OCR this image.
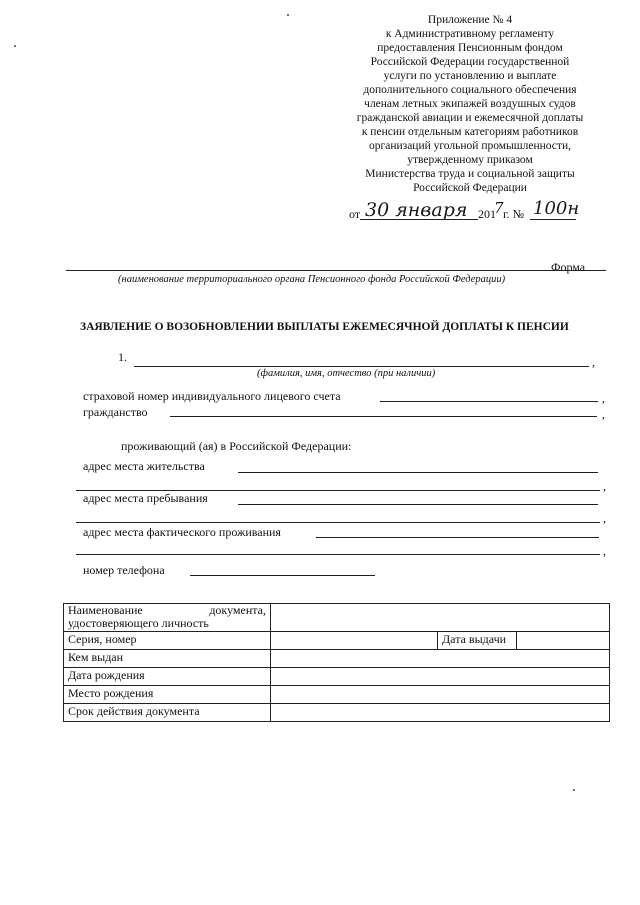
Приложение № 4
к Административному регламенту
предоставления Пенсионным фондом
Российской Федерации государственной
услуги по установлению и выплате
дополнительного социального обеспечения
членам летных экипажей воздушных судов
гражданской авиации и ежемесячной доплаты
к пенсии отдельным категориям работников
организаций угольной промышленности,
утвержденному приказом
Министерства труда и социальной защиты
Российской Федерации
от 30 января 201
7 г. № 100н
Форма
(наименование территориального органа Пенсионного фонда Российской Федерации)
ЗАЯВЛЕНИЕ О ВОЗОБНОВЛЕНИИ ВЫПЛАТЫ ЕЖЕМЕСЯЧНОЙ ДОПЛАТЫ К ПЕНСИИ
1.	,
(фамилия, имя, отчество (при наличии)
страховой номер индивидуального лицевого счета	,
гражданство	,
проживающий (ая) в Российской Федерации:
адрес места жительства
,
адрес места пребывания
,
адрес места фактического проживания
,
номер телефона
Наименование документа, удостоверяющего личность			

Серия, номер		Дата выдачи	
Кем выдан			
Дата рождения			
Место рождения			
Срок действия документа			
